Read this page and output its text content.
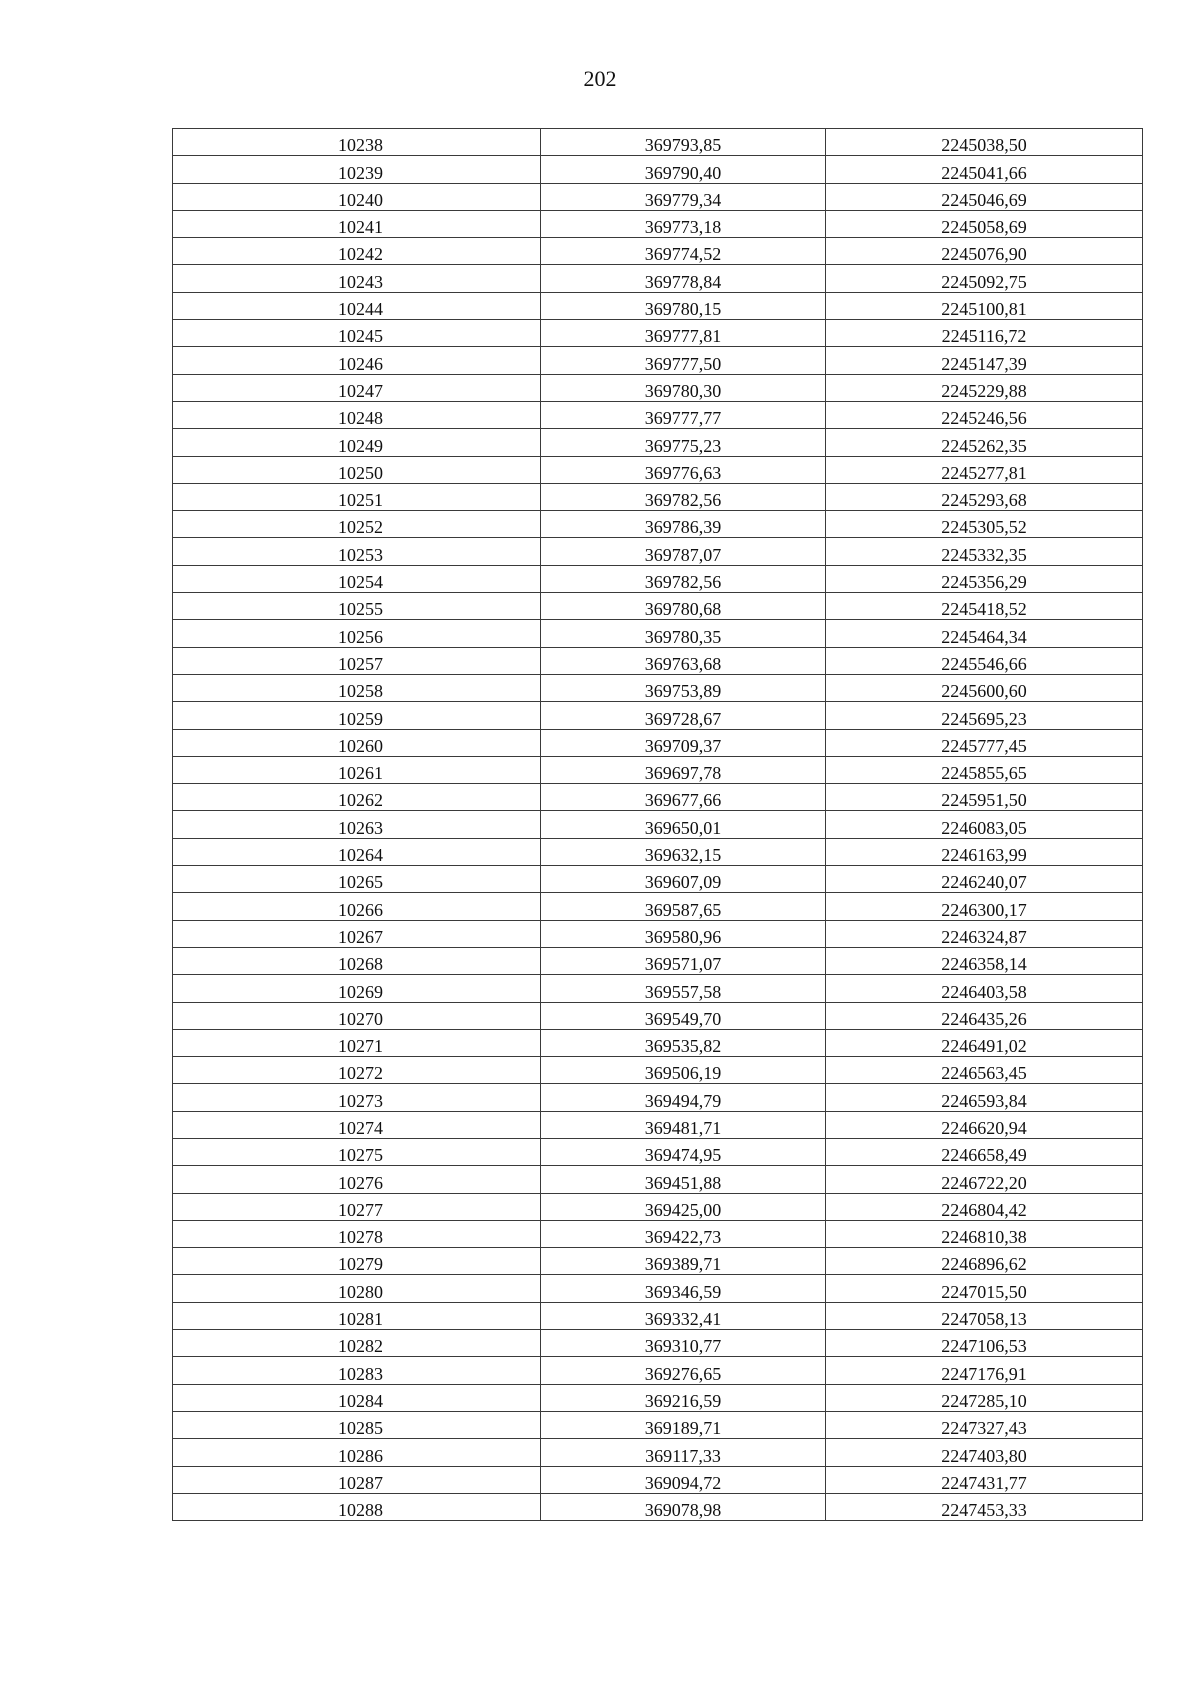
202
10238	369793,85	2245038,50
10239	369790,40	2245041,66
10240	369779,34	2245046,69
10241	369773,18	2245058,69
10242	369774,52	2245076,90
10243	369778,84	2245092,75
10244	369780,15	2245100,81
10245	369777,81	2245116,72
10246	369777,50	2245147,39
10247	369780,30	2245229,88
10248	369777,77	2245246,56
10249	369775,23	2245262,35
10250	369776,63	2245277,81
10251	369782,56	2245293,68
10252	369786,39	2245305,52
10253	369787,07	2245332,35
10254	369782,56	2245356,29
10255	369780,68	2245418,52
10256	369780,35	2245464,34
10257	369763,68	2245546,66
10258	369753,89	2245600,60
10259	369728,67	2245695,23
10260	369709,37	2245777,45
10261	369697,78	2245855,65
10262	369677,66	2245951,50
10263	369650,01	2246083,05
10264	369632,15	2246163,99
10265	369607,09	2246240,07
10266	369587,65	2246300,17
10267	369580,96	2246324,87
10268	369571,07	2246358,14
10269	369557,58	2246403,58
10270	369549,70	2246435,26
10271	369535,82	2246491,02
10272	369506,19	2246563,45
10273	369494,79	2246593,84
10274	369481,71	2246620,94
10275	369474,95	2246658,49
10276	369451,88	2246722,20
10277	369425,00	2246804,42
10278	369422,73	2246810,38
10279	369389,71	2246896,62
10280	369346,59	2247015,50
10281	369332,41	2247058,13
10282	369310,77	2247106,53
10283	369276,65	2247176,91
10284	369216,59	2247285,10
10285	369189,71	2247327,43
10286	369117,33	2247403,80
10287	369094,72	2247431,77
10288	369078,98	2247453,33
